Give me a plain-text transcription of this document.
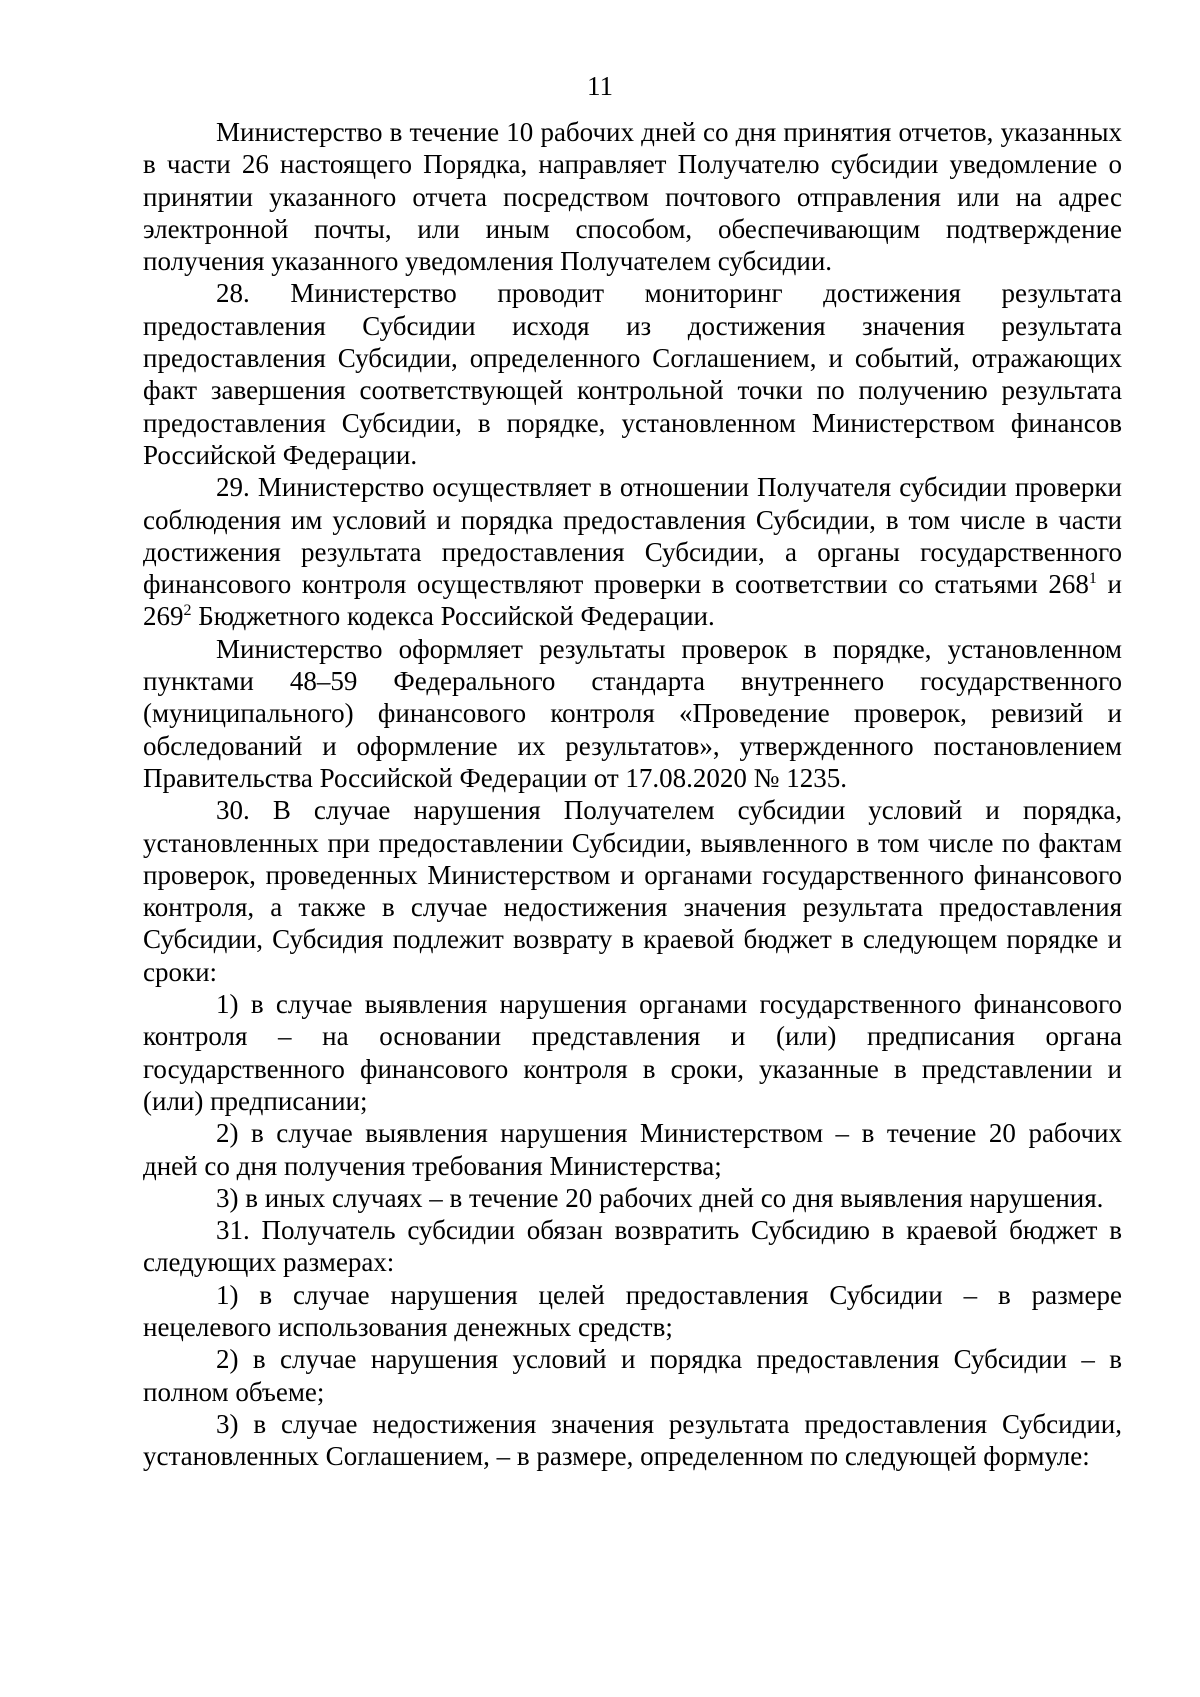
11

Министерство в течение 10 рабочих дней со дня принятия отчетов, указанных в части 26 настоящего Порядка, направляет Получателю субсидии уведомление о принятии указанного отчета посредством почтового отправления или на адрес электронной почты, или иным способом, обеспечивающим подтверждение получения указанного уведомления Получателем субсидии.

28. Министерство проводит мониторинг достижения результата предоставления Субсидии исходя из достижения значения результата предоставления Субсидии, определенного Соглашением, и событий, отражающих факт завершения соответствующей контрольной точки по получению результата предоставления Субсидии, в порядке, установленном Министерством финансов Российской Федерации.

29. Министерство осуществляет в отношении Получателя субсидии проверки соблюдения им условий и порядка предоставления Субсидии, в том числе в части достижения результата предоставления Субсидии, а органы государственного финансового контроля осуществляют проверки в соответствии со статьями $268^1$ и $269^2$ Бюджетного кодекса Российской Федерации.

Министерство оформляет результаты проверок в порядке, установленном пунктами 48–59 Федерального стандарта внутреннего государственного (муниципального) финансового контроля «Проведение проверок, ревизий и обследований и оформление их результатов», утвержденного постановлением Правительства Российской Федерации от 17.08.2020 № 1235.

30. В случае нарушения Получателем субсидии условий и порядка, установленных при предоставлении Субсидии, выявленного в том числе по фактам проверок, проведенных Министерством и органами государственного финансового контроля, а также в случае недостижения значения результата предоставления Субсидии, Субсидия подлежит возврату в краевой бюджет в следующем порядке и сроки:

1) в случае выявления нарушения органами государственного финансового контроля – на основании представления и (или) предписания органа государственного финансового контроля в сроки, указанные в представлении и (или) предписании;

2) в случае выявления нарушения Министерством – в течение 20 рабочих дней со дня получения требования Министерства;

3) в иных случаях – в течение 20 рабочих дней со дня выявления нарушения.

31. Получатель субсидии обязан возвратить Субсидию в краевой бюджет в следующих размерах:

1) в случае нарушения целей предоставления Субсидии – в размере нецелевого использования денежных средств;

2) в случае нарушения условий и порядка предоставления Субсидии – в полном объеме;

3) в случае недостижения значения результата предоставления Субсидии, установленных Соглашением, – в размере, определенном по следующей формуле:
